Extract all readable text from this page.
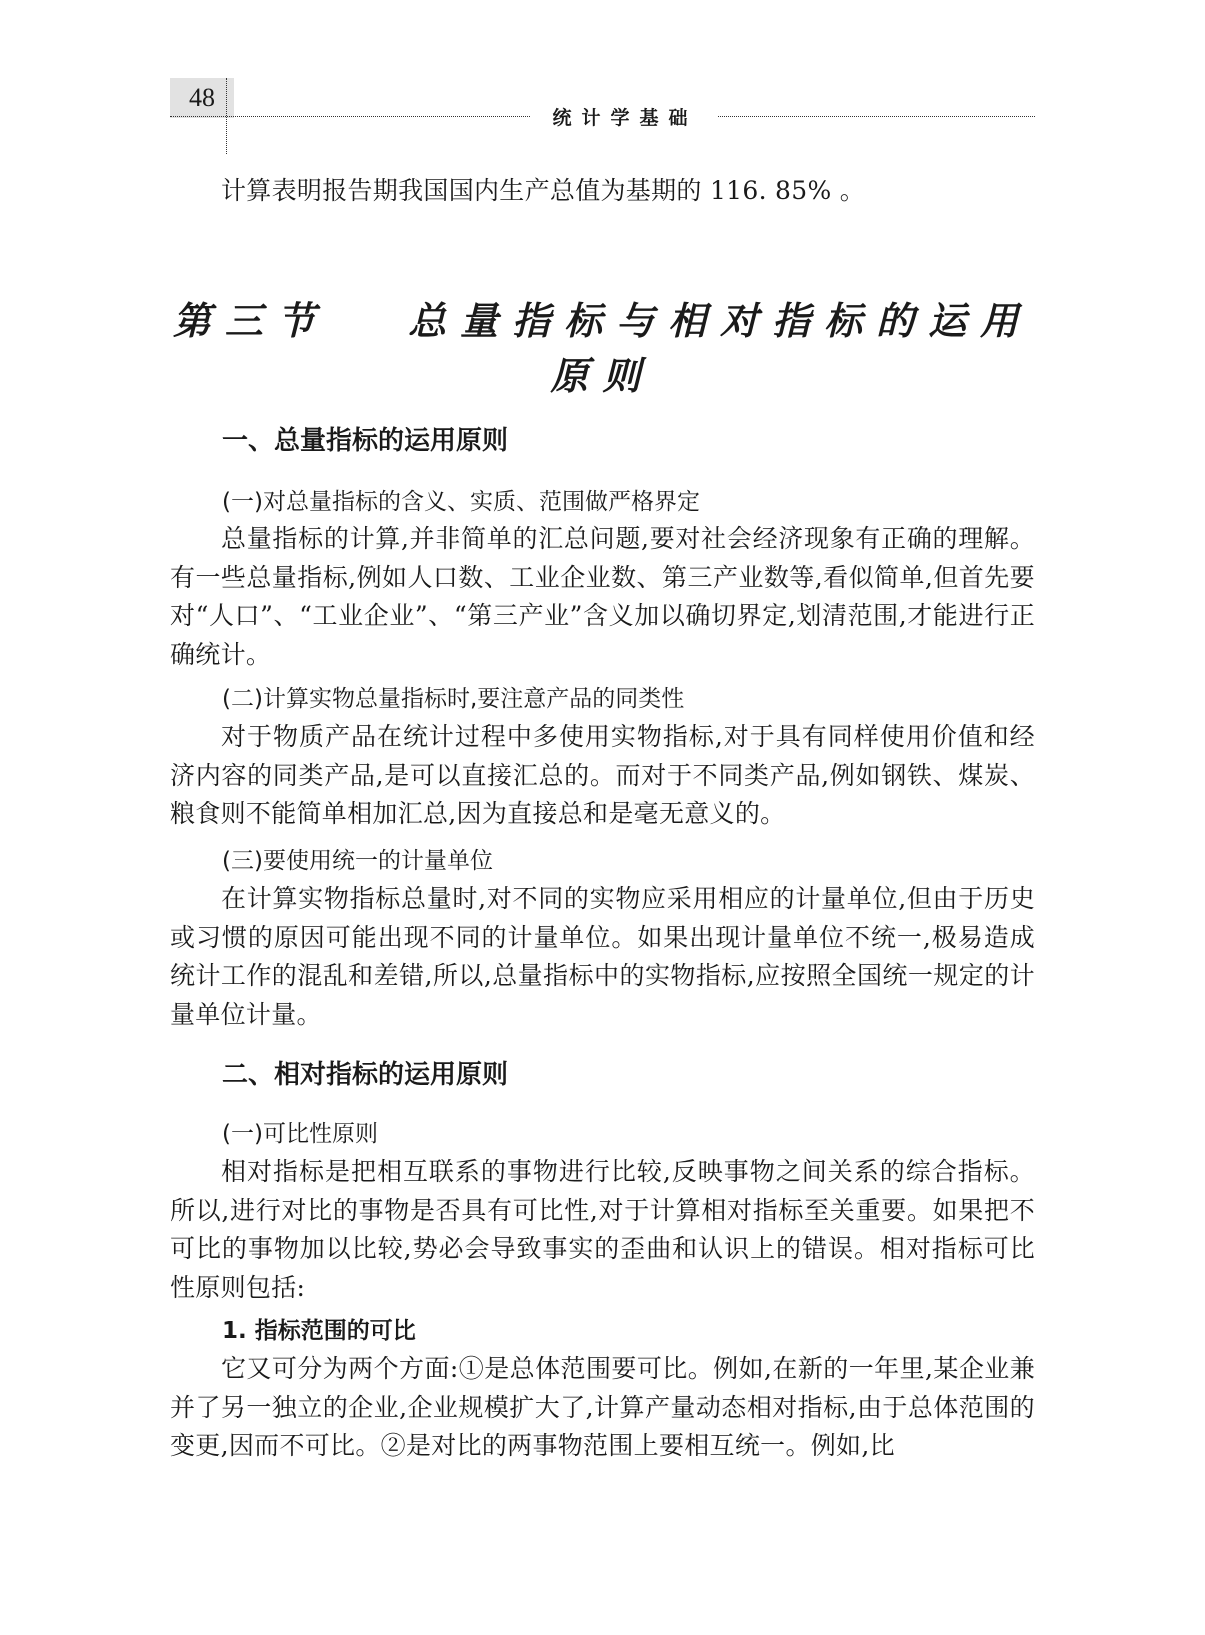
48
统计学基础

计算表明报告期我国国内生产总值为基期的 116. 85% 。

第三节　 总量指标与相对指标的运用原则
一、总量指标的运用原则
(一)对总量指标的含义、实质、范围做严格界定

总量指标的计算,并非简单的汇总问题,要对社会经济现象有正确的理解。有一些总量指标,例如人口数、工业企业数、第三产业数等,看似简单,但首先要对“人口”、“工业企业”、“第三产业”含义加以确切界定,划清范围,才能进行正确统计。

(二)计算实物总量指标时,要注意产品的同类性

对于物质产品在统计过程中多使用实物指标,对于具有同样使用价值和经济内容的同类产品,是可以直接汇总的。而对于不同类产品,例如钢铁、煤炭、粮食则不能简单相加汇总,因为直接总和是毫无意义的。

(三)要使用统一的计量单位

在计算实物指标总量时,对不同的实物应采用相应的计量单位,但由于历史或习惯的原因可能出现不同的计量单位。如果出现计量单位不统一,极易造成统计工作的混乱和差错,所以,总量指标中的实物指标,应按照全国统一规定的计量单位计量。

二、相对指标的运用原则
(一)可比性原则

相对指标是把相互联系的事物进行比较,反映事物之间关系的综合指标。所以,进行对比的事物是否具有可比性,对于计算相对指标至关重要。如果把不可比的事物加以比较,势必会导致事实的歪曲和认识上的错误。相对指标可比性原则包括:

1. 指标范围的可比

它又可分为两个方面:①是总体范围要可比。例如,在新的一年里,某企业兼并了另一独立的企业,企业规模扩大了,计算产量动态相对指标,由于总体范围的变更,因而不可比。②是对比的两事物范围上要相互统一。例如,比
